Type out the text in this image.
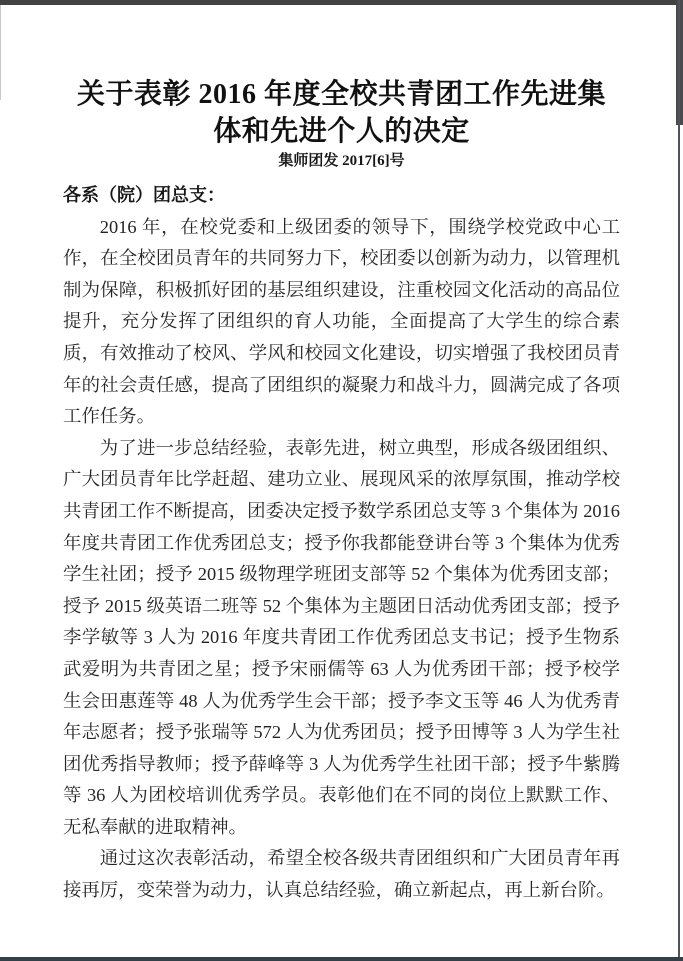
关于表彰 2016 年度全校共青团工作先进集
体和先进个人的决定
集师团发 2017[6]号
各系（院）团总支：

2016 年，在校党委和上级团委的领导下，围绕学校党政中心工作，在全校团员青年的共同努力下，校团委以创新为动力，以管理机制为保障，积极抓好团的基层组织建设，注重校园文化活动的高品位提升，充分发挥了团组织的育人功能，全面提高了大学生的综合素质，有效推动了校风、学风和校园文化建设，切实增强了我校团员青年的社会责任感，提高了团组织的凝聚力和战斗力，圆满完成了各项工作任务。

为了进一步总结经验，表彰先进，树立典型，形成各级团组织、广大团员青年比学赶超、建功立业、展现风采的浓厚氛围，推动学校共青团工作不断提高，团委决定授予数学系团总支等 3 个集体为 2016 年度共青团工作优秀团总支；授予你我都能登讲台等 3 个集体为优秀学生社团；授予 2015 级物理学班团支部等 52 个集体为优秀团支部；授予 2015 级英语二班等 52 个集体为主题团日活动优秀团支部；授予李学敏等 3 人为 2016 年度共青团工作优秀团总支书记；授予生物系武爱明为共青团之星；授予宋丽儒等 63 人为优秀团干部；授予校学生会田惠莲等 48 人为优秀学生会干部；授予李文玉等 46 人为优秀青年志愿者；授予张瑞等 572 人为优秀团员；授予田博等 3 人为学生社团优秀指导教师；授予薛峰等 3 人为优秀学生社团干部；授予牛紫腾等 36 人为团校培训优秀学员。表彰他们在不同的岗位上默默工作、无私奉献的进取精神。

通过这次表彰活动，希望全校各级共青团组织和广大团员青年再接再厉，变荣誉为动力，认真总结经验，确立新起点，再上新台阶。
